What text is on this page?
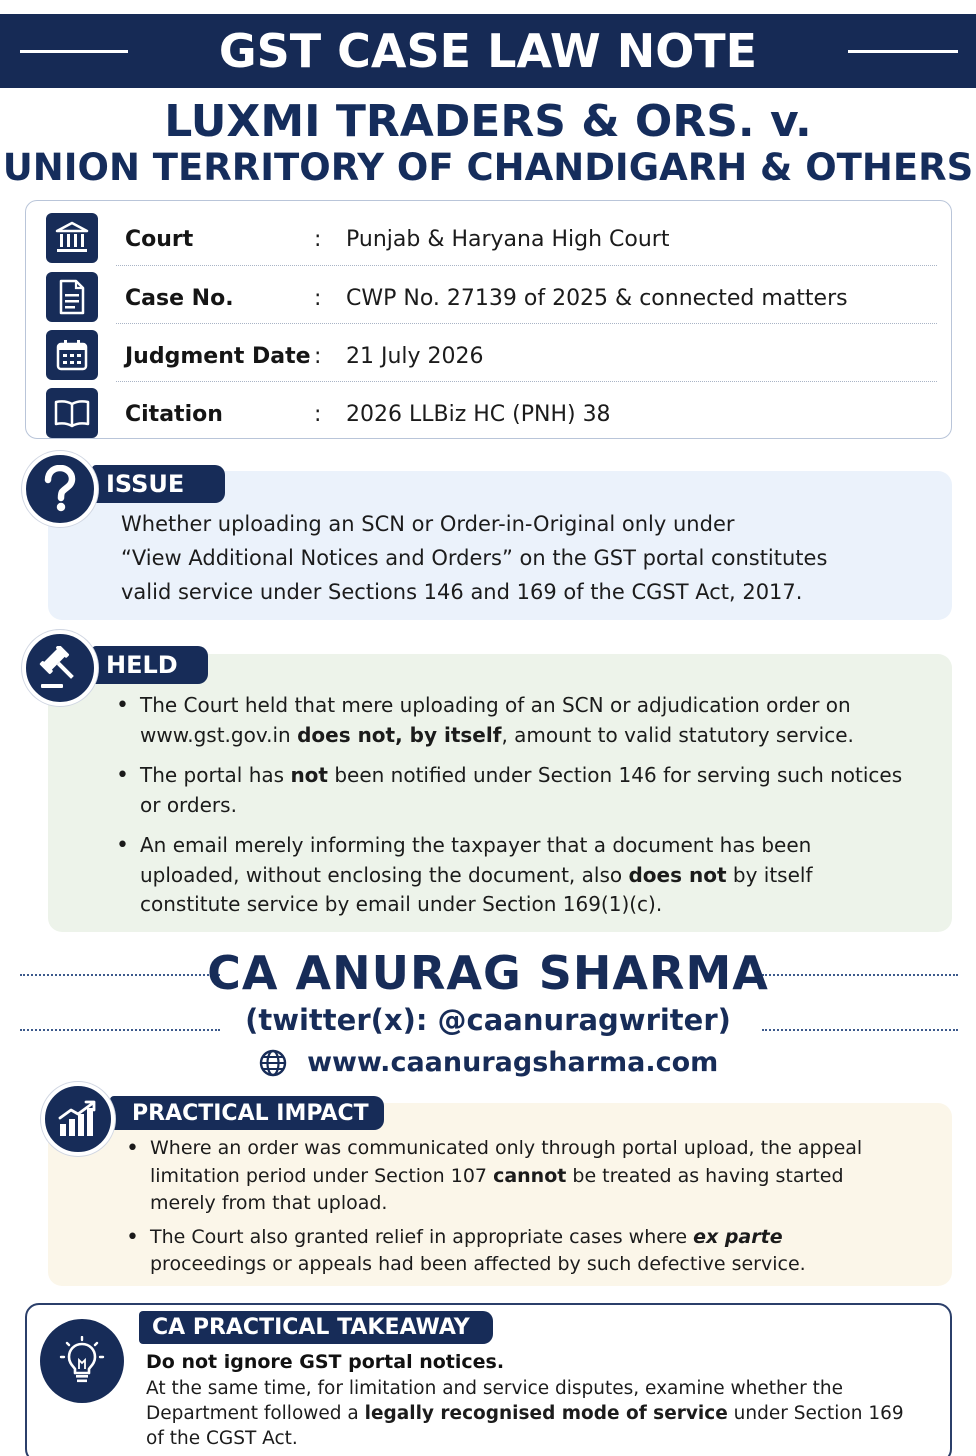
GST CASE LAW NOTE
LUXMI TRADERS & ORS. v.
UNION TERRITORY OF CHANDIGARH & OTHERS
Court	: Punjab & Haryana High Court
Case No.	: CWP No. 27139 of 2025 & connected matters
Judgment Date : 21 July 2026
Citation	: 2026 LLBiz HC (PNH) 38
ISSUE
Whether uploading an SCN or Order-in-Original only under
“View Additional Notices and Orders” on the GST portal constitutes
valid service under Sections 146 and 169 of the CGST Act, 2017.
HELD
• The Court held that mere uploading of an SCN or adjudication order on www.gst.gov.in does not, by itself, amount to valid statutory service.
• The portal has not been notified under Section 146 for serving such notices or orders.
• An email merely informing the taxpayer that a document has been uploaded, without enclosing the document, also does not by itself constitute service by email under Section 169(1)(c).
CA ANURAG SHARMA
(twitter(x): @caanuragwriter)
www.caanuragsharma.com
PRACTICAL IMPACT
• Where an order was communicated only through portal upload, the appeal limitation period under Section 107 cannot be treated as having started merely from that upload.
• The Court also granted relief in appropriate cases where ex parte proceedings or appeals had been affected by such defective service.
CA PRACTICAL TAKEAWAY
Do not ignore GST portal notices.
At the same time, for limitation and service disputes, examine whether the Department followed a legally recognised mode of service under Section 169 of the CGST Act.
